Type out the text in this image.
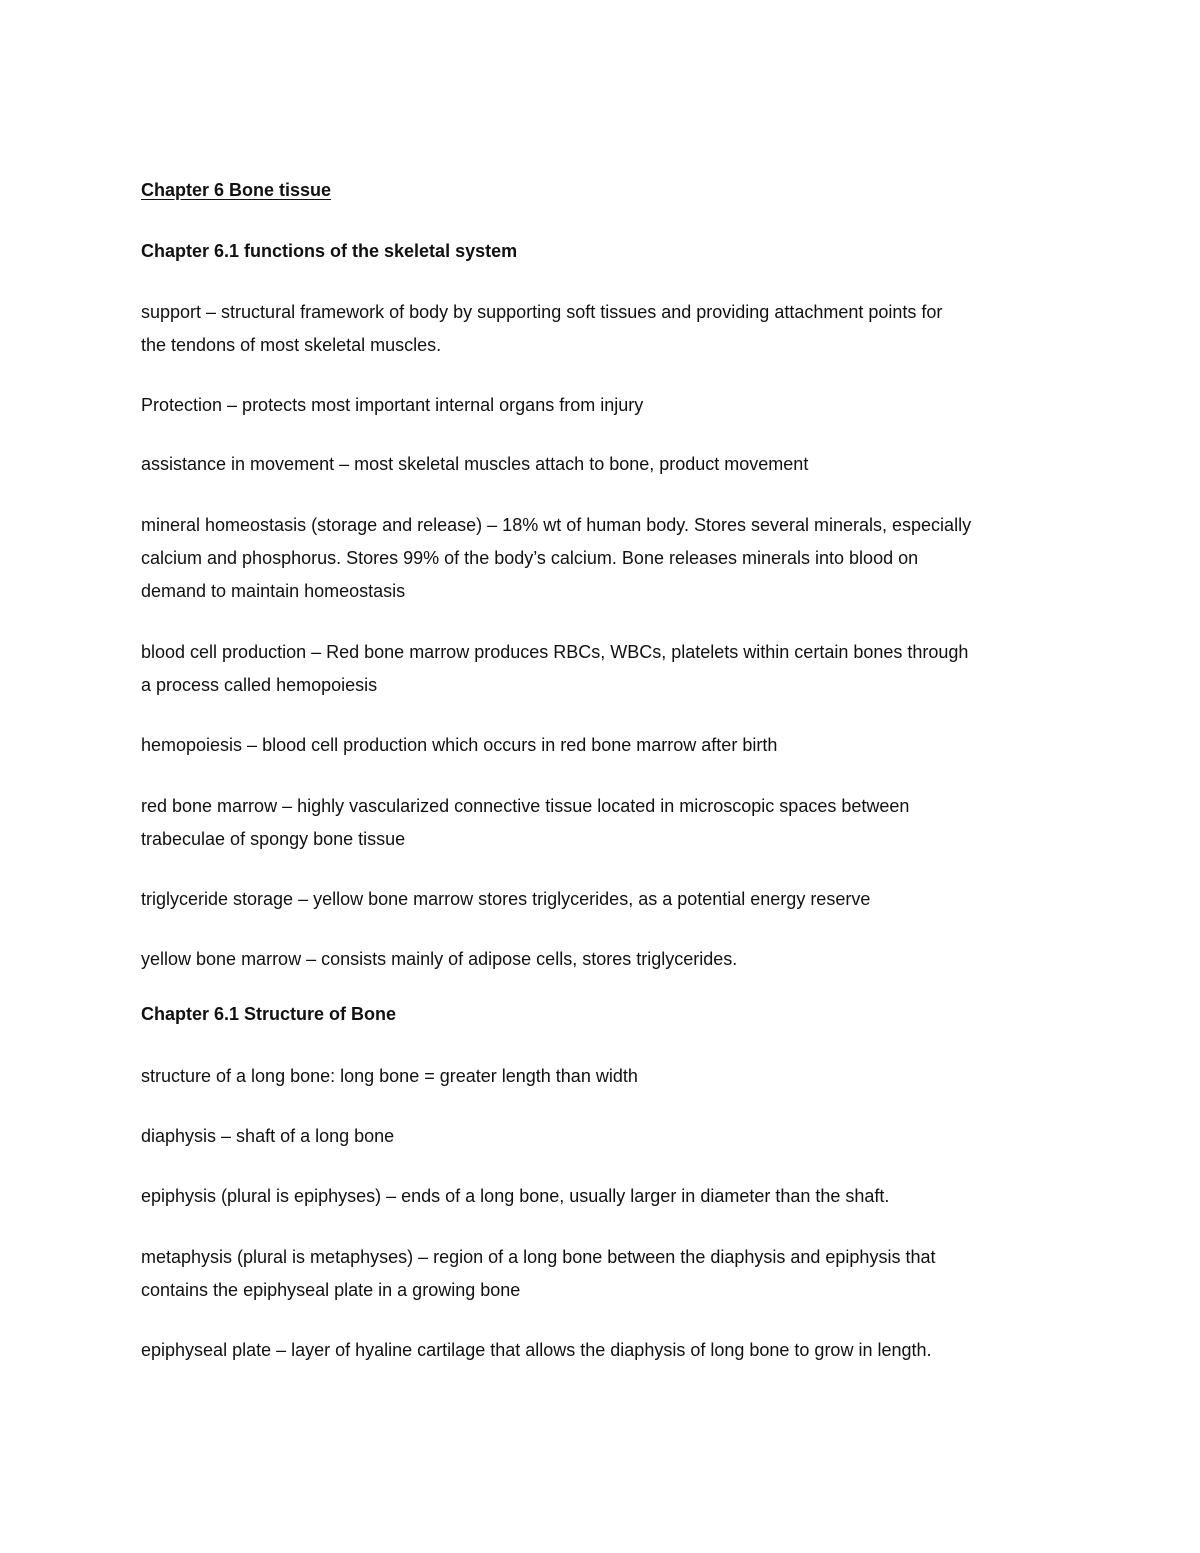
Chapter 6 Bone tissue
Chapter 6.1 functions of the skeletal system
support – structural framework of body by supporting soft tissues and providing attachment points for
the tendons of most skeletal muscles.
Protection – protects most important internal organs from injury
assistance in movement – most skeletal muscles attach to bone, product movement
mineral homeostasis (storage and release) – 18% wt of human body. Stores several minerals, especially
calcium and phosphorus. Stores 99% of the body’s calcium. Bone releases minerals into blood on
demand to maintain homeostasis
blood cell production – Red bone marrow produces RBCs, WBCs, platelets within certain bones through
a process called hemopoiesis
hemopoiesis – blood cell production which occurs in red bone marrow after birth
red bone marrow – highly vascularized connective tissue located in microscopic spaces between
trabeculae of spongy bone tissue
triglyceride storage – yellow bone marrow stores triglycerides, as a potential energy reserve
yellow bone marrow – consists mainly of adipose cells, stores triglycerides.
Chapter 6.1 Structure of Bone
structure of a long bone: long bone = greater length than width
diaphysis – shaft of a long bone
epiphysis (plural is epiphyses) – ends of a long bone, usually larger in diameter than the shaft.
metaphysis (plural is metaphyses) – region of a long bone between the diaphysis and epiphysis that
contains the epiphyseal plate in a growing bone
epiphyseal plate – layer of hyaline cartilage that allows the diaphysis of long bone to grow in length.
